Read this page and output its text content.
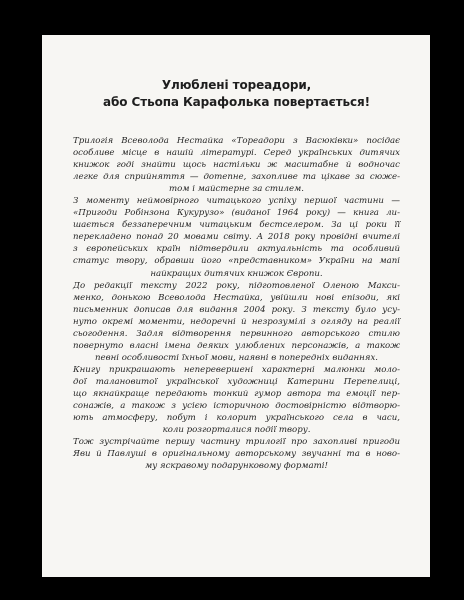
Улюблені тореадори,
або Стьопа Карафолька повертається!
Трилогія Всеволода Нестайка «Тореадори з Васюківки» посідає
особливе місце в нашій літературі. Серед українських дитячих
книжок годі знайти щось настільки ж масштабне й водночас
легке для сприйняття — дотепне, захопливе та цікаве за сюже-
том і майстерне за стилем.
З моменту неймовірного читацького успіху першої частини —
«Пригоди Робінзона Кукурузо» (виданої 1964 року) — книга ли-
шається беззаперечним читацьким бестселером. За ці роки її
перекладено понад 20 мовами світу. А 2018 року провідні вчителі
з європейських країн підтвердили актуальність та особливий
статус твору, обравши його «представником» України на мапі
найкращих дитячих книжок Європи.
До редакції тексту 2022 року, підготовленої Оленою Макси-
менко, донькою Всеволода Нестайка, увійшли нові епізоди, які
письменник дописав для видання 2004 року. З тексту було усу-
нуто окремі моменти, недоречні й незрозумілі з огляду на реалії
сьогодення. Задля відтворення первинного авторського стилю
повернуто власні імена деяких улюблених персонажів, а також
певні особливості їхньої мови, наявні в попередніх виданнях.
Книгу прикрашають неперевершені характерні малюнки моло-
дої талановитої української художниці Катерини Перепелиці,
що якнайкраще передають тонкий гумор автора та емоції пер-
сонажів, а також з усією історичною достовірністю відтворю-
ють атмосферу, побут і колорит українського села в часи,
коли розгорталися події твору.
Тож зустрічайте першу частину трилогії про захопливі пригоди
Яви й Павлуші в оригінальному авторському звучанні та в ново-
му яскравому подарунковому форматі!
